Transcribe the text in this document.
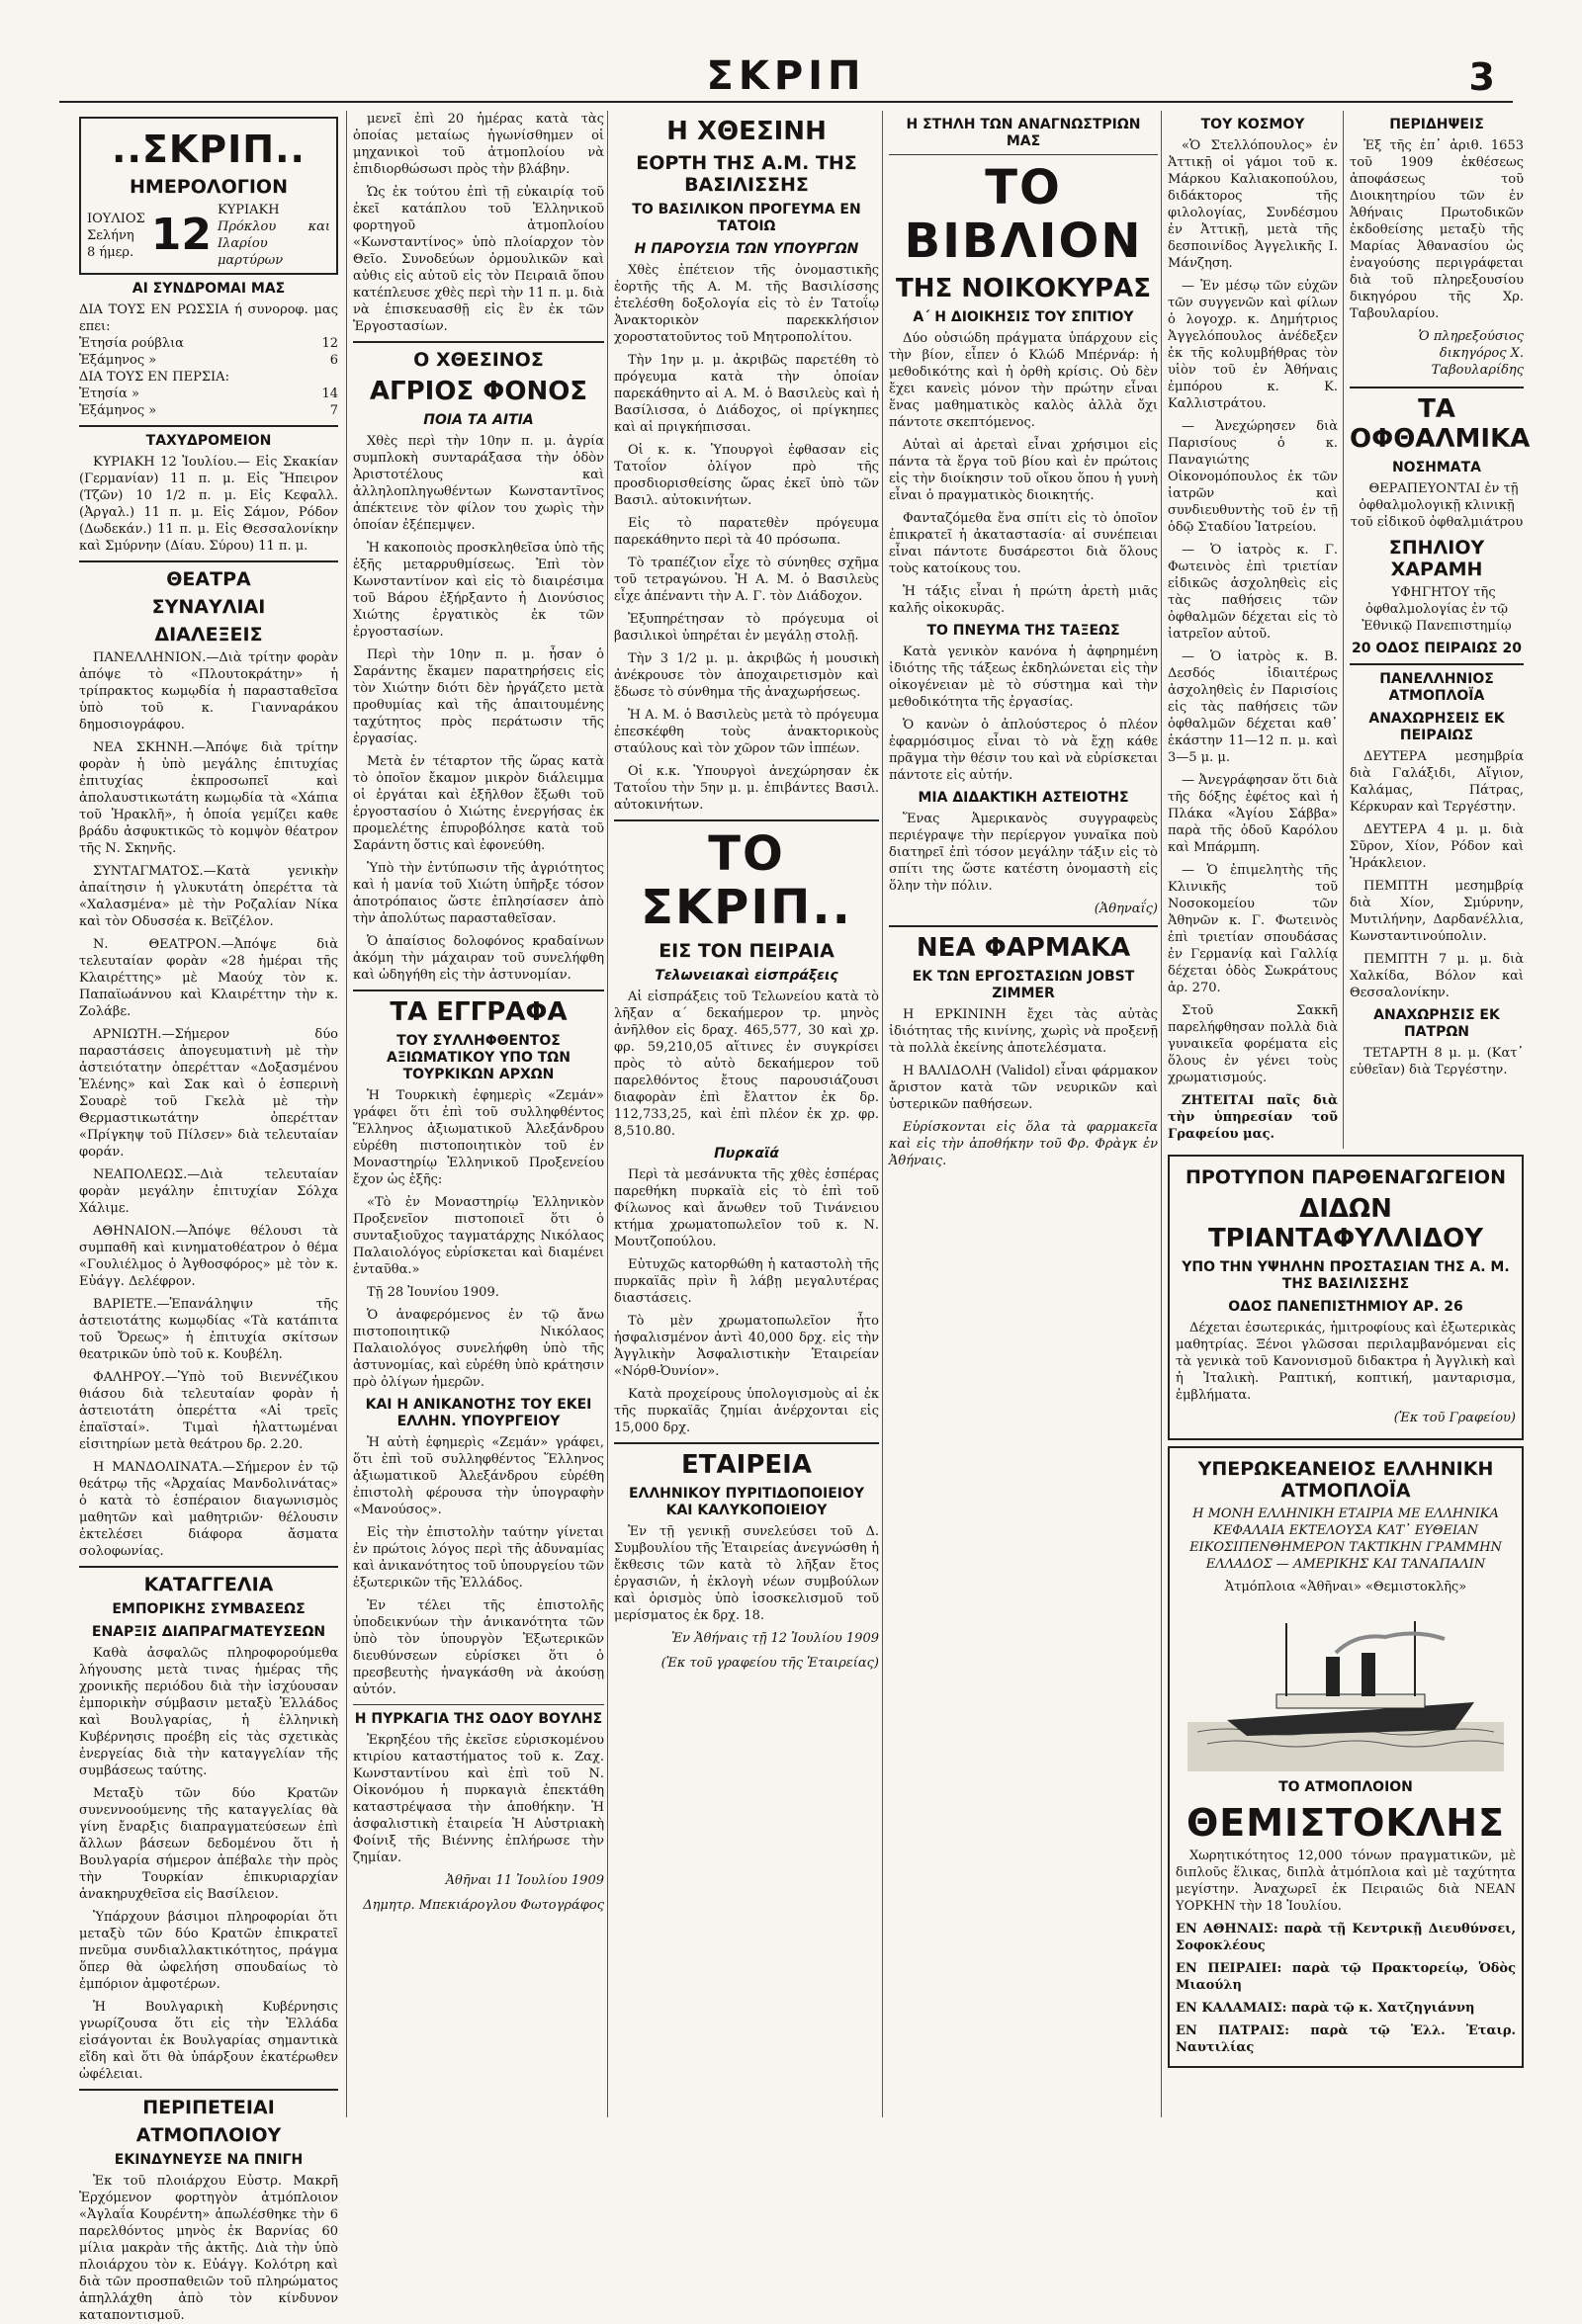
ΣΚΡΙΠ	3
..ΣΚΡΙΠ..
ΗΜΕΡΟΛΟΓΙΟΝ
ΙΟΥΛΙΟΣ
Σελήνη 8 ήμερ. 12 ΚΥΡΙΑΚΗ
Πρόκλου και Ιλαρίου μαρτύρων
ΑΙ ΣΥΝΔΡΟΜΑΙ ΜΑΣ
ΔΙΑ ΤΟΥΣ ΕΝ ΡΩΣΣΙΑ ή συνοροφ. μας επει:
Ἐτησία ρούβλια	12
Ἑξάμηνος »	6
ΔΙΑ ΤΟΥΣ ΕΝ ΠΕΡΣΙΑ:
Ἐτησία »	14
Ἑξάμηνος »	7
ΤΑΧΥΔΡΟΜΕΙΟΝ

ΚΥΡΙΑΚΗ 12 Ἰουλίου.— Εἰς Σκακίαν (Γερμανίαν) 11 π. μ. Εἰς Ἤπειρον (Τζῶν) 10 1/2 π. μ. Εἰς Κεφαλλ. (Ἀργαλ.) 11 π. μ. Εἰς Σάμον, Ρόδον (Δωδεκάν.) 11 π. μ. Εἰς Θεσσαλονίκην καὶ Σμύρνην (Δίαυ. Σύρου) 11 π. μ.

ΘΕΑΤΡΑ
ΣΥΝΑΥΛΙΑΙ
ΔΙΑΛΕΞΕΙΣ

ΠΑΝΕΛΛΗΝΙΟΝ.—Διὰ τρίτην φορὰν ἀπόψε τὸ «Πλουτοκράτην» ἡ τρίπρακτος κωμῳδία ἡ παρασταθεῖσα ὑπὸ τοῦ κ. Γιανναράκου δημοσιογράφου.

ΝΕΑ ΣΚΗΝΗ.—Ἀπόψε διὰ τρίτην φορὰν ἡ ὑπὸ μεγάλης ἐπιτυχίας ἐπιτυχίας ἐκπροσωπεῖ καὶ ἀπολαυστικωτάτη κωμῳδία τὰ «Χάπια τοῦ Ἡρακλῆ», ἡ ὁποία γεμίζει καθε βράδυ ἀσφυκτικῶς τὸ κομψὸν θέατρον τῆς Ν. Σκηνῆς.

ΣΥΝΤΑΓΜΑΤΟΣ.—Κατὰ γενικὴν ἀπαίτησιν ἡ γλυκυτάτη ὀπερέττα τὰ «Χαλασμένα» μὲ τὴν Ροζαλίαν Νίκα καὶ τὸν Οδυσσέα κ. Βεϊζέλον.

Ν. ΘΕΑΤΡΟΝ.—Ἀπόψε διὰ τελευταίαν φορὰν «28 ἡμέραι τῆς Κλαιρέττης» μὲ Μαούχ τὸν κ. Παπαϊωάννου καὶ Κλαιρέττην τὴν κ. Ζολάβε.

ΑΡΝΙΩΤΗ.—Σήμερον δύο παραστάσεις ἀπογευματινὴ μὲ τὴν ἀστειότατην ὀπερέτταν «Δοξασμένου Ἑλένης» καὶ Σακ καὶ ὁ ἑσπερινὴ Σουαρὲ τοῦ Γκελὰ μὲ τὴν Θερμαστικωτάτην ὀπερέτταν «Πρίγκηψ τοῦ Πίλσεν» διὰ τελευταίαν φοράν.

ΝΕΑΠΟΛΕΩΣ.—Διὰ τελευταίαν φορὰν μεγάλην ἐπιτυχίαν Σόλχα Χάλιμε.

ΑΘΗΝΑΙΟΝ.—Ἀπόψε θέλουσι τὰ συμπαθῆ καὶ κινηματοθέατρον ὁ θέμα «Γουλιέλμος ὁ Ἀγθοσφόρος» μὲ τὸν κ. Εὐάγγ. Δελέφρον.

ΒΑΡΙΕΤΕ.—Ἐπανάληψιν τῆς ἀστειοτάτης κωμῳδίας «Τὰ κατάπιτα τοῦ Ὄρεως» ἡ ἐπιτυχία σκίτσων θεατρικῶν ὑπὸ τοῦ κ. Κουβέλη.

ΦΑΛΗΡΟΥ.—Ὑπὸ τοῦ Βιεννέζικου θιάσου διὰ τελευταίαν φορὰν ἡ ἀστειοτάτη ὀπερέττα «Αἱ τρεῖς ἐπαϊσταί». Τιμαὶ ἠλαττωμέναι εἰσιτηρίων μετὰ θεάτρου δρ. 2.20.

Η ΜΑΝΔΟΛΙΝΑΤΑ.—Σήμερον ἐν τῷ θεάτρῳ τῆς «Ἀρχαίας Μανδολινάτας» ὁ κατὰ τὸ ἑσπέραιον διαγωνισμὸς μαθητῶν καὶ μαθητριῶν· θέλουσιν ἐκτελέσει διάφορα ἄσματα σολοφωνίας.

ΚΑΤΑΓΓΕΛΙΑ
ΕΜΠΟΡΙΚΗΣ ΣΥΜΒΑΣΕΩΣ
ΕΝΑΡΞΙΣ ΔΙΑΠΡΑΓΜΑΤΕΥΣΕΩΝ

Καθὰ ἀσφαλῶς πληροφορούμεθα λήγουσης μετὰ τινας ἡμέρας τῆς χρονικῆς περιόδου διὰ τὴν ἰσχύουσαν ἐμπορικὴν σύμβασιν μεταξὺ Ἑλλάδος καὶ Βουλγαρίας, ἡ ἑλληνικὴ Κυβέρνησις προέβη εἰς τὰς σχετικὰς ἐνεργείας διὰ τὴν καταγγελίαν τῆς συμβάσεως ταύτης.

Μεταξὺ τῶν δύο Κρατῶν συνεννοούμενης τῆς καταγγελίας θὰ γίνη ἔναρξις διαπραγματεύσεων ἐπὶ ἄλλων βάσεων δεδομένου ὅτι ἡ Βουλγαρία σήμερον ἀπέβαλε τὴν πρὸς τὴν Τουρκίαν ἐπικυριαρχίαν ἀνακηρυχθεῖσα εἰς Βασίλειον.

Ὑπάρχουν βάσιμοι πληροφορίαι ὅτι μεταξὺ τῶν δύο Κρατῶν ἐπικρατεῖ πνεῦμα συνδιαλλακτικότητος, πράγμα ὅπερ θὰ ὠφελήση σπουδαίως τὸ ἐμπόριον ἀμφοτέρων.

Ἡ Βουλγαρικὴ Κυβέρνησις γνωρίζουσα ὅτι εἰς τὴν Ἑλλάδα εἰσάγονται ἐκ Βουλγαρίας σημαντικὰ εἴδη καὶ ὅτι θὰ ὑπάρξουν ἐκατέρωθεν ὠφέλειαι.

ΠΕΡΙΠΕΤΕΙΑΙ
ΑΤΜΟΠΛΟΙΟΥ
ΕΚΙΝΔΥΝΕΥΣΕ ΝΑ ΠΝΙΓΗ

Ἐκ τοῦ πλοιάρχου Εὐστρ. Μακρῆ Ἐρχόμενον φορτηγὸν ἀτμόπλοιον «Ἀγλαΐα Κουρέντη» ἀπωλέσθηκε τὴν 6 παρελθόντος μηνὸς ἐκ Βαρνίας 60 μίλια μακρὰν τῆς ἀκτῆς. Διὰ τὴν ὑπὸ πλοιάρχου τὸν κ. Εὐάγγ. Κολότρη καὶ διὰ τῶν προσπαθειῶν τοῦ πληρώματος ἀπηλλάχθη ἀπὸ τὸν κίνδυνον καταποντισμοῦ.

μενεῖ ἐπὶ 20 ἡμέρας κατὰ τὰς ὁποίας μεταίως ἠγωνίσθημεν οἱ μηχανικοὶ τοῦ ἀτμοπλοίου νὰ ἐπιδιορθώσωσι πρὸς τὴν βλάβην.

Ὡς ἐκ τούτου ἐπὶ τῇ εὐκαιρίᾳ τοῦ ἐκεῖ κατάπλου τοῦ Ἑλληνικοῦ φορτηγοῦ ἀτμοπλοίου «Κωνσταντίνος» ὑπὸ πλοίαρχον τὸν Θεῖο. Συνοδεύων ὀρμουλικῶν καὶ αὐθις εἰς αὐτοῦ εἰς τὸν Πειραιᾶ ὅπου κατέπλευσε χθὲς περὶ τὴν 11 π. μ. διὰ νὰ ἐπισκευασθῇ εἰς ἓν ἐκ τῶν Ἐργοστασίων.

Ο ΧΘΕΣΙΝΟΣ
ΑΓΡΙΟΣ ΦΟΝΟΣ
ΠΟΙΑ ΤΑ ΑΙΤΙΑ

Χθὲς περὶ τὴν 10ην π. μ. ἀγρία συμπλοκὴ συνταράξασα τὴν ὁδὸν Ἀριστοτέλους καὶ ἀλληλοπληγωθέντων Κωνσταντῖνος ἀπέκτεινε τὸν φίλον του χωρὶς τὴν ὁποίαν ἐξέπεμψεν.

Ἡ κακοποιὸς προσκληθεῖσα ὑπὸ τῆς ἐξῆς μεταρρυθμίσεως. Ἐπὶ τὸν Κωνσταντίνον καὶ εἰς τὸ διαιρέσιμα τοῦ Βάρου ἐξήρξαντο ἡ Διονύσιος Χιώτης ἐργατικὸς ἐκ τῶν ἐργοστασίων.

Περὶ τὴν 10ην π. μ. ἦσαν ὁ Σαράντης ἔκαμεν παρατηρήσεις εἰς τὸν Χιώτην διότι δὲν ἠργάζετο μετὰ προθυμίας καὶ τῆς ἀπαιτουμένης ταχύτητος πρὸς περάτωσιν τῆς ἐργασίας.

Μετὰ ἐν τέταρτον τῆς ὥρας κατὰ τὸ ὁποῖον ἔκαμον μικρὸν διάλειμμα οἱ ἐργάται καὶ ἐξῆλθον ἔξωθι τοῦ ἐργοστασίου ὁ Χιώτης ἐνεργήσας ἐκ προμελέτης ἐπυροβόλησε κατὰ τοῦ Σαράντη ὅστις καὶ ἐφονεύθη.

Ὑπὸ τὴν ἐντύπωσιν τῆς ἀγριότητος καὶ ἡ μανία τοῦ Χιώτη ὑπῆρξε τόσον ἀποτρόπαιος ὥστε ἐπλησίασεν ἀπὸ τὴν ἀπολύτως παρασταθεῖσαν.

Ὁ ἀπαίσιος δολοφόνος κραδαίνων ἀκόμη τὴν μάχαιραν τοῦ συνελήφθη καὶ ὡδηγήθη εἰς τὴν ἀστυνομίαν.

ΤΑ ΕΓΓΡΑΦΑ
ΤΟΥ ΣΥΛΛΗΦΘΕΝΤΟΣ ΑΞΙΩΜΑΤΙΚΟΥ ΥΠΟ ΤΩΝ ΤΟΥΡΚΙΚΩΝ ΑΡΧΩΝ

Ἡ Τουρκικὴ ἐφημερὶς «Ζεμάν» γράφει ὅτι ἐπὶ τοῦ συλληφθέντος Ἕλληνος ἀξιωματικοῦ Ἀλεξάνδρου εὑρέθη πιστοποιητικὸν τοῦ ἐν Μοναστηρίῳ Ἑλληνικοῦ Προξενείου ἔχον ὡς ἑξῆς:

«Τὸ ἐν Μοναστηρίῳ Ἑλληνικὸν Προξενεῖον πιστοποιεῖ ὅτι ὁ συνταξιοῦχος ταγματάρχης Νικόλαος Παλαιολόγος εὑρίσκεται καὶ διαμένει ἐνταῦθα.»

Τῇ 28 Ἰουνίου 1909.

Ὁ ἀναφερόμενος ἐν τῷ ἄνω πιστοποιητικῷ Νικόλαος Παλαιολόγος συνελήφθη ὑπὸ τῆς ἀστυνομίας, καὶ εὑρέθη ὑπὸ κράτησιν πρὸ ὀλίγων ἡμερῶν.

ΚΑΙ Η ΑΝΙΚΑΝΟΤΗΣ ΤΟΥ ΕΚΕΙ ΕΛΛΗΝ. ΥΠΟΥΡΓΕΙΟΥ

Ἡ αὐτὴ ἐφημερὶς «Ζεμάν» γράφει, ὅτι ἐπὶ τοῦ συλληφθέντος Ἕλληνος ἀξιωματικοῦ Ἀλεξάνδρου εὑρέθη ἐπιστολὴ φέρουσα τὴν ὑπογραφὴν «Μανούσος».

Εἰς τὴν ἐπιστολὴν ταύτην γίνεται ἐν πρώτοις λόγος περὶ τῆς ἀδυναμίας καὶ ἀνικανότητος τοῦ ὑπουργείου τῶν ἐξωτερικῶν τῆς Ἑλλάδος.

Ἐν τέλει τῆς ἐπιστολῆς ὑποδεικνύων τὴν ἀνικανότητα τῶν ὑπὸ τὸν ὑπουργὸν Ἐξωτερικῶν διευθύνσεων εὑρίσκει ὅτι ὁ πρεσβευτὴς ἠναγκάσθη νὰ ἀκούσῃ αὐτόν.

Η ΠΥΡΚΑΓΙΑ ΤΗΣ ΟΔΟΥ ΒΟΥΛΗΣ

Ἐκρηξέου τῆς ἐκεῖσε εὑρισκομένου κτιρίου καταστήματος τοῦ κ. Ζαχ. Κωνσταντίνου καὶ ἐπὶ τοῦ Ν. Οἰκονόμου ἡ πυρκαγιὰ ἐπεκτάθη καταστρέψασα τὴν ἀποθήκην. Ἡ ἀσφαλιστικὴ ἑταιρεία Ἡ Αὐστριακὴ Φοίνιξ τῆς Βιέννης ἐπλήρωσε τὴν ζημίαν.

Ἀθῆναι 11 Ἰουλίου 1909
Δημητρ. Μπεκιάρογλου Φωτογράφος
Η ΧΘΕΣΙΝΗ
ΕΟΡΤΗ ΤΗΣ Α.Μ. ΤΗΣ ΒΑΣΙΛΙΣΣΗΣ
ΤΟ ΒΑΣΙΛΙΚΟΝ ΠΡΟΓΕΥΜΑ ΕΝ ΤΑΤΟΙΩ
Η ΠΑΡΟΥΣΙΑ ΤΩΝ ΥΠΟΥΡΓΩΝ

Χθὲς ἐπέτειον τῆς ὀνομαστικῆς ἑορτῆς τῆς Α. Μ. τῆς Βασιλίσσης ἐτελέσθη δοξολογία εἰς τὸ ἐν Τατοΐῳ Ἀνακτορικὸν παρεκκλήσιον χοροστατοῦντος τοῦ Μητροπολίτου.

Τὴν 1ην μ. μ. ἀκριβῶς παρετέθη τὸ πρόγευμα κατὰ τὴν ὁποίαν παρεκάθηντο αἱ Α. Μ. ὁ Βασιλεὺς καὶ ἡ Βασίλισσα, ὁ Διάδοχος, οἱ πρίγκηπες καὶ αἱ πριγκήπισσαι.

Οἱ κ. κ. Ὑπουργοὶ ἐφθασαν εἰς Τατοΐον ὀλίγον πρὸ τῆς προσδιορισθείσης ὥρας ἐκεῖ ὑπὸ τῶν Βασιλ. αὐτοκινήτων.

Εἰς τὸ παρατεθὲν πρόγευμα παρεκάθηντο περὶ τὰ 40 πρόσωπα.

Τὸ τραπέζιον εἶχε τὸ σύνηθες σχῆμα τοῦ τετραγώνου. Ἡ Α. Μ. ὁ Βασιλεὺς εἶχε ἀπέναντι τὴν Α. Γ. τὸν Διάδοχον.

Ἐξυπηρέτησαν τὸ πρόγευμα οἱ βασιλικοὶ ὑπηρέται ἐν μεγάλῃ στολῇ.

Τὴν 3 1/2 μ. μ. ἀκριβῶς ἡ μουσικὴ ἀνέκρουσε τὸν ἀποχαιρετισμὸν καὶ ἔδωσε τὸ σύνθημα τῆς ἀναχωρήσεως.

Ἡ Α. Μ. ὁ Βασιλεὺς μετὰ τὸ πρόγευμα ἐπεσκέφθη τοὺς ἀνακτορικοὺς σταύλους καὶ τὸν χῶρον τῶν ἱππέων.

Οἱ κ.κ. Ὑπουργοὶ ἀνεχώρησαν ἐκ Τατοΐου τὴν 5ην μ. μ. ἐπιβάντες Βασιλ. αὐτοκινήτων.

ΤΟ ΣΚΡΙΠ..
ΕΙΣ ΤΟΝ ΠΕΙΡΑΙΑ
Τελωνειακαὶ εἰσπράξεις

Αἱ εἰσπράξεις τοῦ Τελωνείου κατὰ τὸ λῆξαν α΄ δεκαήμερον τρ. μηνὸς ἀνῆλθον εἰς δραχ. 465,577, 30 καὶ χρ. φρ. 59,210,05 αἵτινες ἐν συγκρίσει πρὸς τὸ αὐτὸ δεκαήμερον τοῦ παρελθόντος ἔτους παρουσιάζουσι διαφορὰν ἐπὶ ἔλαττον ἐκ δρ. 112,733,25, καὶ ἐπὶ πλέον ἐκ χρ. φρ. 8,510.80.

Πυρκαϊά

Περὶ τὰ μεσάνυκτα τῆς χθὲς ἑσπέρας παρεθήκη πυρκαϊὰ εἰς τὸ ἐπὶ τοῦ Φίλωνος καὶ ἄνωθεν τοῦ Τινάνειου κτήμα χρωματοπωλεῖον τοῦ κ. Ν. Μουτζοπούλου.

Εὐτυχῶς κατορθώθη ἡ καταστολὴ τῆς πυρκαϊᾶς πρὶν ἢ λάβῃ μεγαλυτέρας διαστάσεις.

Τὸ μὲν χρωματοπωλεῖον ἦτο ἠσφαλισμένον ἀντὶ 40,000 δρχ. εἰς τὴν Ἀγγλικὴν Ἀσφαλιστικὴν Ἑταιρείαν «Νόρθ-Ὀυνίον».

Κατὰ προχείρους ὑπολογισμοὺς αἱ ἐκ τῆς πυρκαϊᾶς ζημίαι ἀνέρχονται εἰς 15,000 δρχ.

ΕΤΑΙΡΕΙΑ
ΕΛΛΗΝΙΚΟΥ ΠΥΡΙΤΙΔΟΠΟΙΕΙΟΥ ΚΑΙ ΚΑΛΥΚΟΠΟΙΕΙΟΥ

Ἐν τῇ γενικῇ συνελεύσει τοῦ Δ. Συμβουλίου τῆς Ἑταιρείας ἀνεγνώσθη ἡ ἔκθεσις τῶν κατὰ τὸ λῆξαν ἔτος ἐργασιῶν, ἡ ἐκλογὴ νέων συμβούλων καὶ ὁρισμὸς ὑπὸ ἰσοσκελισμοῦ τοῦ μερίσματος ἐκ δρχ. 18.

Ἐν Ἀθήναις τῇ 12 Ἰουλίου 1909
(Ἐκ τοῦ γραφείου τῆς Ἑταιρείας)
Η ΣΤΗΛΗ ΤΩΝ ΑΝΑΓΝΩΣΤΡΙΩΝ ΜΑΣ
ΤΟ ΒΙΒΛΙΟΝ
ΤΗΣ ΝΟΙΚΟΚΥΡΑΣ
Α΄ Η ΔΙΟΙΚΗΣΙΣ ΤΟΥ ΣΠΙΤΙΟΥ

Δύο οὐσιώδη πράγματα ὑπάρχουν εἰς τὴν βίον, εἶπεν ὁ Κλώδ Μπέρνάρ: ἡ μεθοδικότης καὶ ἡ ὀρθὴ κρίσις. Οὐ δὲν ἔχει κανεὶς μόνον τὴν πρώτην εἶναι ἕνας μαθηματικὸς καλὸς ἀλλὰ ὄχι πάντοτε σκεπτόμενος.

Αὐταὶ αἱ ἀρεταὶ εἶναι χρήσιμοι εἰς πάντα τὰ ἔργα τοῦ βίου καὶ ἐν πρώτοις εἰς τὴν διοίκησιν τοῦ οἴκου ὅπου ἡ γυνὴ εἶναι ὁ πραγματικὸς διοικητής.

Φανταζόμεθα ἕνα σπίτι εἰς τὸ ὁποῖον ἐπικρατεῖ ἡ ἀκαταστασία· αἱ συνέπειαι εἶναι πάντοτε δυσάρεστοι διὰ ὅλους τοὺς κατοίκους του.

Ἡ τάξις εἶναι ἡ πρώτη ἀρετὴ μιᾶς καλῆς οἰκοκυρᾶς.

ΤΟ ΠΝΕΥΜΑ ΤΗΣ ΤΑΞΕΩΣ

Κατὰ γενικὸν κανόνα ἡ ἀφηρημένη ἰδιότης τῆς τάξεως ἐκδηλώνεται εἰς τὴν οἰκογένειαν μὲ τὸ σύστημα καὶ τὴν μεθοδικότητα τῆς ἐργασίας.

Ὁ κανὼν ὁ ἀπλούστερος ὁ πλέον ἐφαρμόσιμος εἶναι τὸ νὰ ἔχῃ κάθε πρᾶγμα τὴν θέσιν του καὶ νὰ εὑρίσκεται πάντοτε εἰς αὐτήν.

ΜΙΑ ΔΙΔΑΚΤΙΚΗ ΑΣΤΕΙΟΤΗΣ

Ἕνας Ἀμερικανὸς συγγραφεὺς περιέγραψε τὴν περίεργον γυναῖκα ποὺ διατηρεῖ ἐπὶ τόσον μεγάλην τάξιν εἰς τὸ σπίτι της ὥστε κατέστη ὀνομαστὴ εἰς ὅλην τὴν πόλιν.

(Ἀθηναΐς)
ΝΕΑ ΦΑΡΜΑΚΑ
ΕΚ ΤΩΝ ΕΡΓΟΣΤΑΣΙΩΝ JOBST ZIMMER

Η ΕΡΚΙΝΙΝΗ ἔχει τὰς αὐτὰς ἰδιότητας τῆς κινίνης, χωρὶς νὰ προξενῇ τὰ πολλὰ ἐκείνης ἀποτελέσματα.

Η ΒΑΛΙΔΟΛΗ (Validol) εἶναι φάρμακον ἄριστον κατὰ τῶν νευρικῶν καὶ ὑστερικῶν παθήσεων.

Εὑρίσκονται εἰς ὅλα τὰ φαρμακεῖα καὶ εἰς τὴν ἀποθήκην τοῦ Φρ. Φρὰγκ ἐν Ἀθήναις.

ΤΟΥ ΚΟΣΜΟΥ

«Ὁ Στελλόπουλος» ἐν Ἀττικῇ οἱ γάμοι τοῦ κ. Μάρκου Καλιακοπούλου, διδάκτορος τῆς φιλολογίας, Συνδέσμου ἐν Ἀττικῇ, μετὰ τῆς δεσποινίδος Ἀγγελικῆς Ι. Μάνζηση.

— Ἐν μέσῳ τῶν εὐχῶν τῶν συγγενῶν καὶ φίλων ὁ λογοχρ. κ. Δημήτριος Ἀγγελόπουλος ἀνέδεξεν ἐκ τῆς κολυμβήθρας τὸν υἱὸν τοῦ ἐν Ἀθήναις ἐμπόρου κ. Κ. Καλλιστράτου.

— Ἀνεχώρησεν διὰ Παρισίους ὁ κ. Παναγιώτης Οἰκονομόπουλος ἐκ τῶν ἰατρῶν καὶ συνδιευθυντὴς τοῦ ἐν τῇ ὁδῷ Σταδίου Ἰατρείου.

— Ὁ ἰατρὸς κ. Γ. Φωτεινὸς ἐπὶ τριετίαν εἰδικῶς ἀσχοληθεὶς εἰς τὰς παθήσεις τῶν ὀφθαλμῶν δέχεται εἰς τὸ ἰατρεῖον αὐτοῦ.

— Ὁ ἰατρὸς κ. Β. Δεσδός ἰδιαιτέρως ἀσχοληθεὶς ἐν Παρισίοις εἰς τὰς παθήσεις τῶν ὀφθαλμῶν δέχεται καθ᾿ ἑκάστην 11—12 π. μ. καὶ 3—5 μ. μ.

— Ἀνεγράφησαν ὅτι διὰ τῆς δόξης ἐφέτος καὶ ἡ Πλάκα «Ἁγίου Σάββα» παρὰ τῆς ὁδοῦ Καρόλου καὶ Μπάρμπη.

— Ὁ ἐπιμελητὴς τῆς Κλινικῆς τοῦ Νοσοκομείου τῶν Ἀθηνῶν κ. Γ. Φωτεινὸς ἐπὶ τριετίαν σπουδάσας ἐν Γερμανίᾳ καὶ Γαλλίᾳ δέχεται ὁδὸς Σωκράτους ἀρ. 270.

Στοῦ Σακκῆ παρελήφθησαν πολλὰ διὰ γυναικεῖα φορέματα εἰς ὅλους ἐν γένει τοὺς χρωματισμούς.

ΖΗΤΕΙΤΑΙ παῖς διὰ τὴν ὑπηρεσίαν τοῦ Γραφείου μας.

ΠΕΡΙΔΗΨΕΙΣ

Ἐξ τῆς ἐπ᾿ ἀριθ. 1653 τοῦ 1909 ἐκθέσεως ἀποφάσεως τοῦ Διοικητηρίου τῶν ἐν Ἀθήναις Πρωτοδικῶν ἐκδοθείσης μεταξὺ τῆς Μαρίας Ἀθανασίου ὡς ἐναγούσης περιγράφεται διὰ τοῦ πληρεξουσίου δικηγόρου τῆς Χρ. Ταβουλαρίου.

Ὁ πληρεξούσιος δικηγόρος Χ. Ταβουλαρίδης
ΤΑ ΟΦΘΑΛΜΙΚΑ
ΝΟΣΗΜΑΤΑ

ΘΕΡΑΠΕΥΟΝΤΑΙ ἐν τῇ ὀφθαλμολογικῇ κλινικῇ τοῦ εἰδικοῦ ὀφθαλμιάτρου

ΣΠΗΛΙΟΥ ΧΑΡΑΜΗ

ΥΦΗΓΗΤΟΥ τῆς ὀφθαλμολογίας ἐν τῷ Ἐθνικῷ Πανεπιστημίῳ

20 ΟΔΟΣ ΠΕΙΡΑΙΩΣ 20
ΠΑΝΕΛΛΗΝΙΟΣ ΑΤΜΟΠΛΟΪΑ
ΑΝΑΧΩΡΗΣΕΙΣ ΕΚ ΠΕΙΡΑΙΩΣ

ΔΕΥΤΕΡΑ μεσημβρία διὰ Γαλάξιδι, Αἴγιον, Καλάμας, Πάτρας, Κέρκυραν καὶ Τεργέστην.

ΔΕΥΤΕΡΑ 4 μ. μ. διὰ Σῦρον, Χίον, Ρόδον καὶ Ἠράκλειον.

ΠΕΜΠΤΗ μεσημβρίᾳ διὰ Χίον, Σμύρνην, Μυτιλήνην, Δαρδανέλλια, Κωνσταντινούπολιν.

ΠΕΜΠΤΗ 7 μ. μ. διὰ Χαλκίδα, Βόλον καὶ Θεσσαλονίκην.

ΑΝΑΧΩΡΗΣΙΣ ΕΚ ΠΑΤΡΩΝ

ΤΕΤΑΡΤΗ 8 μ. μ. (Κατ᾿ εὐθεῖαν) διὰ Τεργέστην.

ΠΡΟΤΥΠΟΝ ΠΑΡΘΕΝΑΓΩΓΕΙΟΝ
ΔΙΔΩΝ ΤΡΙΑΝΤΑΦΥΛΛΙΔΟΥ
ΥΠΟ ΤΗΝ ΥΨΗΛΗΝ ΠΡΟΣΤΑΣΙΑΝ ΤΗΣ Α. Μ. ΤΗΣ ΒΑΣΙΛΙΣΣΗΣ
ΟΔΟΣ ΠΑΝΕΠΙΣΤΗΜΙΟΥ ΑΡ. 26

Δέχεται ἐσωτερικάς, ἡμιτροφίους καὶ ἐξωτερικὰς μαθητρίας. Ξένοι γλῶσσαι περιλαμβανόμεναι εἰς τὰ γενικὰ τοῦ Κανονισμοῦ διδακτρα ἡ Ἀγγλικὴ καὶ ἡ Ἰταλικὴ. Ραπτική, κοπτική, μανταρισμα, ἐμβλήματα.

(Ἐκ τοῦ Γραφείου)
ΥΠΕΡΩΚΕΑΝΕΙΟΣ ΕΛΛΗΝΙΚΗ ΑΤΜΟΠΛΟΪΑ

Η ΜΟΝΗ ΕΛΛΗΝΙΚΗ ΕΤΑΙΡΙΑ ΜΕ ΕΛΛΗΝΙΚΑ ΚΕΦΑΛΑΙΑ ΕΚΤΕΛΟΥΣΑ ΚΑΤ᾿ ΕΥΘΕΙΑΝ ΕΙΚΟΣΙΠΕΝΘΗΜΕΡΟΝ ΤΑΚΤΙΚΗΝ ΓΡΑΜΜΗΝ ΕΛΛΑΔΟΣ — ΑΜΕΡΙΚΗΣ ΚΑΙ ΤΑΝΑΠΑΛΙΝ

Ἀτμόπλοια «Ἀθῆναι» «Θεμιστοκλῆς»

ΤΟ ΑΤΜΟΠΛΟΙΟΝ
ΘΕΜΙΣΤΟΚΛΗΣ

Χωρητικότητος 12,000 τόνων πραγματικῶν, μὲ διπλοῦς ἕλικας, διπλὰ ἀτμόπλοια καὶ μὲ ταχύτητα μεγίστην. Ἀναχωρεῖ ἐκ Πειραιῶς διὰ ΝΕΑΝ ΥΟΡΚΗΝ τὴν 18 Ἰουλίου.

ΕΝ ΑΘΗΝΑΙΣ: παρὰ τῇ Κεντρικῇ Διευθύνσει, Σοφοκλέους

ΕΝ ΠΕΙΡΑΙΕΙ: παρὰ τῷ Πρακτορείῳ, Ὁδὸς Μιαούλη

ΕΝ ΚΑΛΑΜΑΙΣ: παρὰ τῷ κ. Χατζηγιάννη

ΕΝ ΠΑΤΡΑΙΣ: παρὰ τῷ Ἑλλ. Ἐταιρ. Ναυτιλίας
